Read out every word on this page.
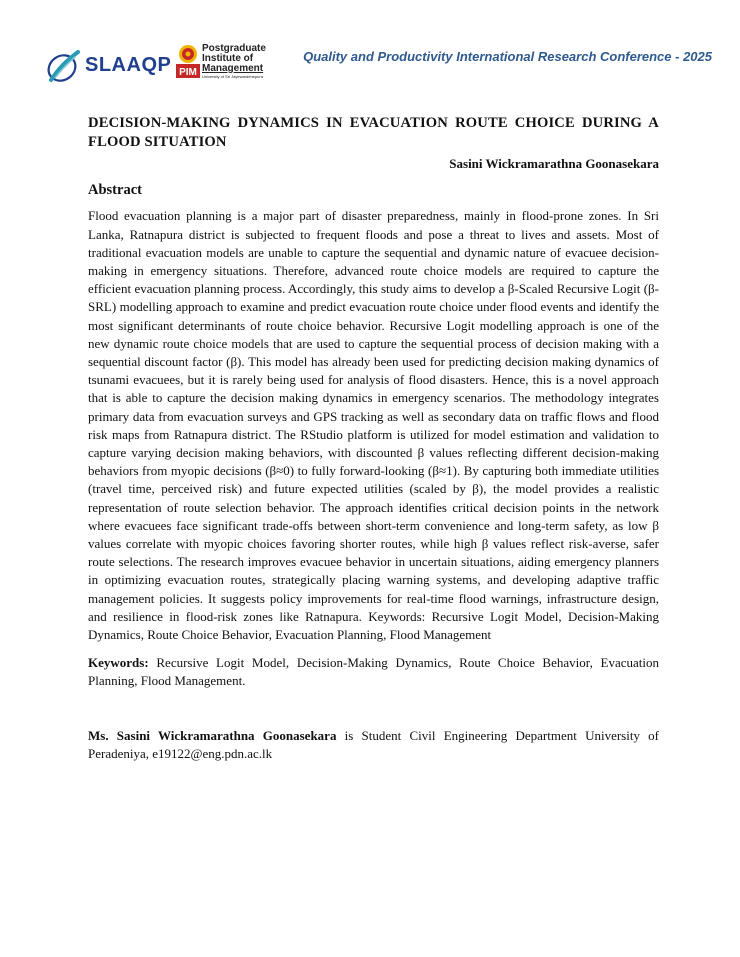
SLAAQP PIM
Postgraduate
Institute of
Management
University of Sri Jayewardenepura
Quality and Productivity International Research Conference - 2025
DECISION-MAKING DYNAMICS IN EVACUATION ROUTE CHOICE DURING A FLOOD SITUATION

Sasini Wickramarathna Goonasekara

Abstract

Flood evacuation planning is a major part of disaster preparedness, mainly in flood-prone zones. In Sri Lanka, Ratnapura district is subjected to frequent floods and pose a threat to lives and assets. Most of traditional evacuation models are unable to capture the sequential and dynamic nature of evacuee decision-making in emergency situations. Therefore, advanced route choice models are required to capture the efficient evacuation planning process. Accordingly, this study aims to develop a β-Scaled Recursive Logit (β-SRL) modelling approach to examine and predict evacuation route choice under flood events and identify the most significant determinants of route choice behavior. Recursive Logit modelling approach is one of the new dynamic route choice models that are used to capture the sequential process of decision making with a sequential discount factor (β). This model has already been used for predicting decision making dynamics of tsunami evacuees, but it is rarely being used for analysis of flood disasters. Hence, this is a novel approach that is able to capture the decision making dynamics in emergency scenarios. The methodology integrates primary data from evacuation surveys and GPS tracking as well as secondary data on traffic flows and flood risk maps from Ratnapura district. The RStudio platform is utilized for model estimation and validation to capture varying decision making behaviors, with discounted β values reflecting different decision-making behaviors from myopic decisions (β≈0) to fully forward-looking (β≈1). By capturing both immediate utilities (travel time, perceived risk) and future expected utilities (scaled by β), the model provides a realistic representation of route selection behavior. The approach identifies critical decision points in the network where evacuees face significant trade-offs between short-term convenience and long-term safety, as low β values correlate with myopic choices favoring shorter routes, while high β values reflect risk-averse, safer route selections. The research improves evacuee behavior in uncertain situations, aiding emergency planners in optimizing evacuation routes, strategically placing warning systems, and developing adaptive traffic management policies. It suggests policy improvements for real-time flood warnings, infrastructure design, and resilience in flood-risk zones like Ratnapura. Keywords: Recursive Logit Model, Decision-Making Dynamics, Route Choice Behavior, Evacuation Planning, Flood Management

Keywords: Recursive Logit Model, Decision-Making Dynamics, Route Choice Behavior, Evacuation Planning, Flood Management.

Ms. Sasini Wickramarathna Goonasekara is Student Civil Engineering Department University of Peradeniya, e19122@eng.pdn.ac.lk
